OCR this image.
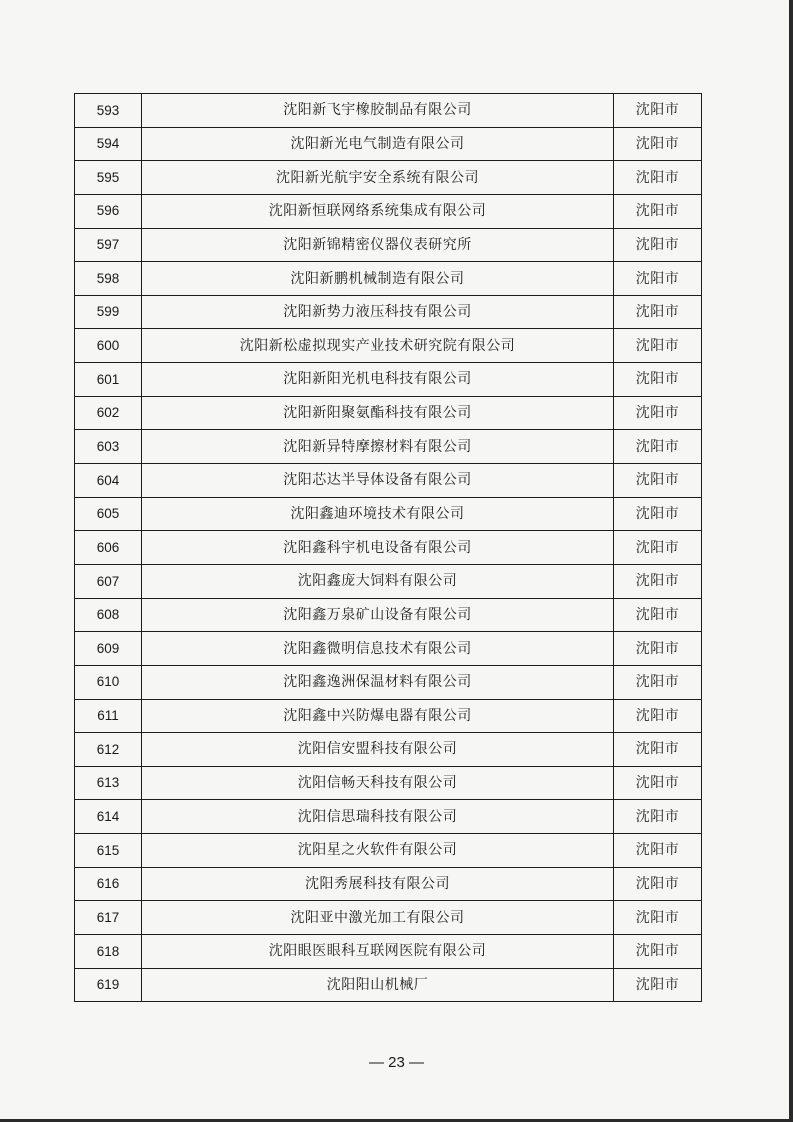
593	沈阳新飞宇橡胶制品有限公司	沈阳市
594	沈阳新光电气制造有限公司	沈阳市
595	沈阳新光航宇安全系统有限公司	沈阳市
596	沈阳新恒联网络系统集成有限公司	沈阳市
597	沈阳新锦精密仪器仪表研究所	沈阳市
598	沈阳新鹏机械制造有限公司	沈阳市
599	沈阳新势力液压科技有限公司	沈阳市
600	沈阳新松虚拟现实产业技术研究院有限公司	沈阳市
601	沈阳新阳光机电科技有限公司	沈阳市
602	沈阳新阳聚氨酯科技有限公司	沈阳市
603	沈阳新异特摩擦材料有限公司	沈阳市
604	沈阳芯达半导体设备有限公司	沈阳市
605	沈阳鑫迪环境技术有限公司	沈阳市
606	沈阳鑫科宇机电设备有限公司	沈阳市
607	沈阳鑫庞大饲料有限公司	沈阳市
608	沈阳鑫万泉矿山设备有限公司	沈阳市
609	沈阳鑫微明信息技术有限公司	沈阳市
610	沈阳鑫逸洲保温材料有限公司	沈阳市
611	沈阳鑫中兴防爆电器有限公司	沈阳市
612	沈阳信安盟科技有限公司	沈阳市
613	沈阳信畅天科技有限公司	沈阳市
614	沈阳信思瑞科技有限公司	沈阳市
615	沈阳星之火软件有限公司	沈阳市
616	沈阳秀展科技有限公司	沈阳市
617	沈阳亚中激光加工有限公司	沈阳市
618	沈阳眼医眼科互联网医院有限公司	沈阳市
619	沈阳阳山机械厂	沈阳市
— 23 —
